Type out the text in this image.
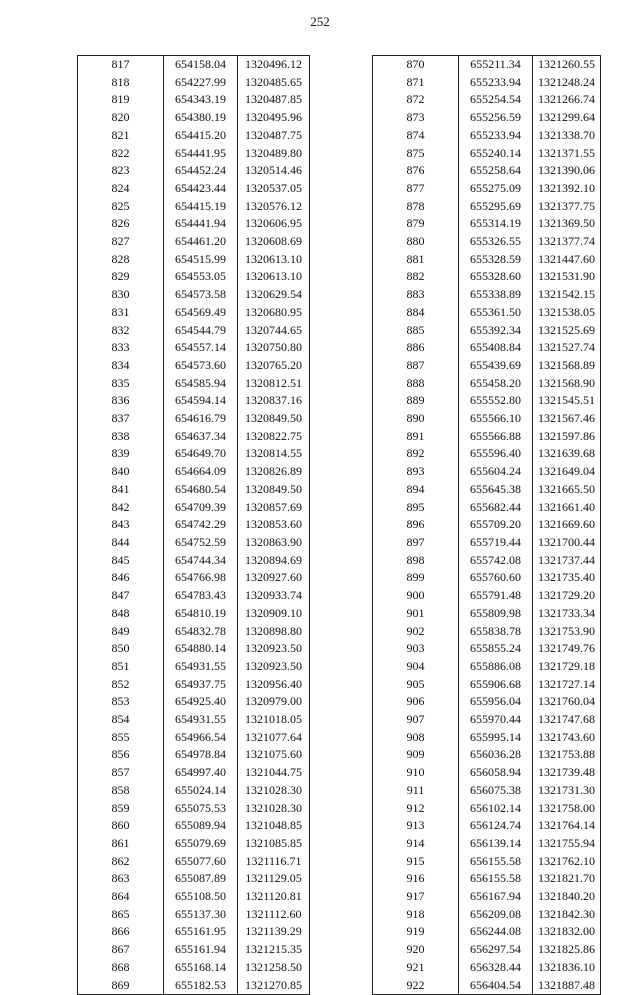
252
817	654158.04	1320496.12
818	654227.99	1320485.65
819	654343.19	1320487.85
820	654380.19	1320495.96
821	654415.20	1320487.75
822	654441.95	1320489.80
823	654452.24	1320514.46
824	654423.44	1320537.05
825	654415.19	1320576.12
826	654441.94	1320606.95
827	654461.20	1320608.69
828	654515.99	1320613.10
829	654553.05	1320613.10
830	654573.58	1320629.54
831	654569.49	1320680.95
832	654544.79	1320744.65
833	654557.14	1320750.80
834	654573.60	1320765.20
835	654585.94	1320812.51
836	654594.14	1320837.16
837	654616.79	1320849.50
838	654637.34	1320822.75
839	654649.70	1320814.55
840	654664.09	1320826.89
841	654680.54	1320849.50
842	654709.39	1320857.69
843	654742.29	1320853.60
844	654752.59	1320863.90
845	654744.34	1320894.69
846	654766.98	1320927.60
847	654783.43	1320933.74
848	654810.19	1320909.10
849	654832.78	1320898.80
850	654880.14	1320923.50
851	654931.55	1320923.50
852	654937.75	1320956.40
853	654925.40	1320979.00
854	654931.55	1321018.05
855	654966.54	1321077.64
856	654978.84	1321075.60
857	654997.40	1321044.75
858	655024.14	1321028.30
859	655075.53	1321028.30
860	655089.94	1321048.85
861	655079.69	1321085.85
862	655077.60	1321116.71
863	655087.89	1321129.05
864	655108.50	1321120.81
865	655137.30	1321112.60
866	655161.95	1321139.29
867	655161.94	1321215.35
868	655168.14	1321258.50
869	655182.53	1321270.85
870	655211.34	1321260.55
871	655233.94	1321248.24
872	655254.54	1321266.74
873	655256.59	1321299.64
874	655233.94	1321338.70
875	655240.14	1321371.55
876	655258.64	1321390.06
877	655275.09	1321392.10
878	655295.69	1321377.75
879	655314.19	1321369.50
880	655326.55	1321377.74
881	655328.59	1321447.60
882	655328.60	1321531.90
883	655338.89	1321542.15
884	655361.50	1321538.05
885	655392.34	1321525.69
886	655408.84	1321527.74
887	655439.69	1321568.89
888	655458.20	1321568.90
889	655552.80	1321545.51
890	655566.10	1321567.46
891	655566.88	1321597.86
892	655596.40	1321639.68
893	655604.24	1321649.04
894	655645.38	1321665.50
895	655682.44	1321661.40
896	655709.20	1321669.60
897	655719.44	1321700.44
898	655742.08	1321737.44
899	655760.60	1321735.40
900	655791.48	1321729.20
901	655809.98	1321733.34
902	655838.78	1321753.90
903	655855.24	1321749.76
904	655886.08	1321729.18
905	655906.68	1321727.14
906	655956.04	1321760.04
907	655970.44	1321747.68
908	655995.14	1321743.60
909	656036.28	1321753.88
910	656058.94	1321739.48
911	656075.38	1321731.30
912	656102.14	1321758.00
913	656124.74	1321764.14
914	656139.14	1321755.94
915	656155.58	1321762.10
916	656155.58	1321821.70
917	656167.94	1321840.20
918	656209.08	1321842.30
919	656244.08	1321832.00
920	656297.54	1321825.86
921	656328.44	1321836.10
922	656404.54	1321887.48
